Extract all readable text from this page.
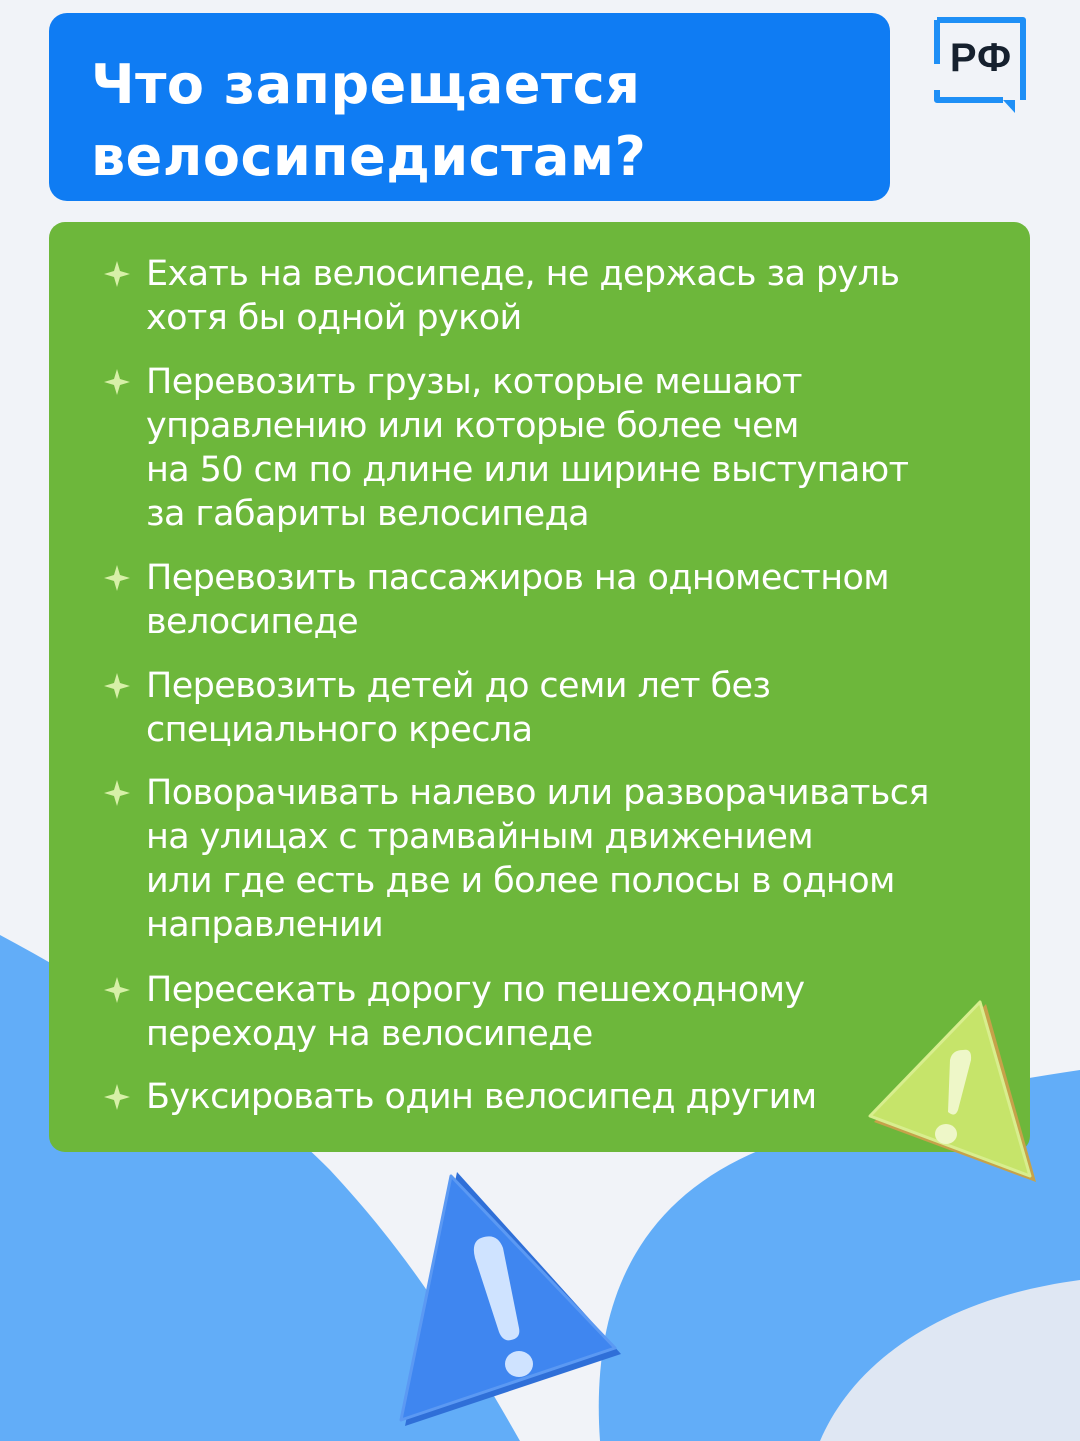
Что запрещается
велосипедистам?
РФ
Ехать на велосипеде, не держась за руль
хотя бы одной рукой
Перевозить грузы, которые мешают
управлению или которые более чем
на 50 см по длине или ширине выступают
за габариты велосипеда
Перевозить пассажиров на одноместном
велосипеде
Перевозить детей до семи лет без
специального кресла
Поворачивать налево или разворачиваться
на улицах с трамвайным движением
или где есть две и более полосы в одном
направлении
Пересекать дорогу по пешеходному
переходу на велосипеде
Буксировать один велосипед другим
